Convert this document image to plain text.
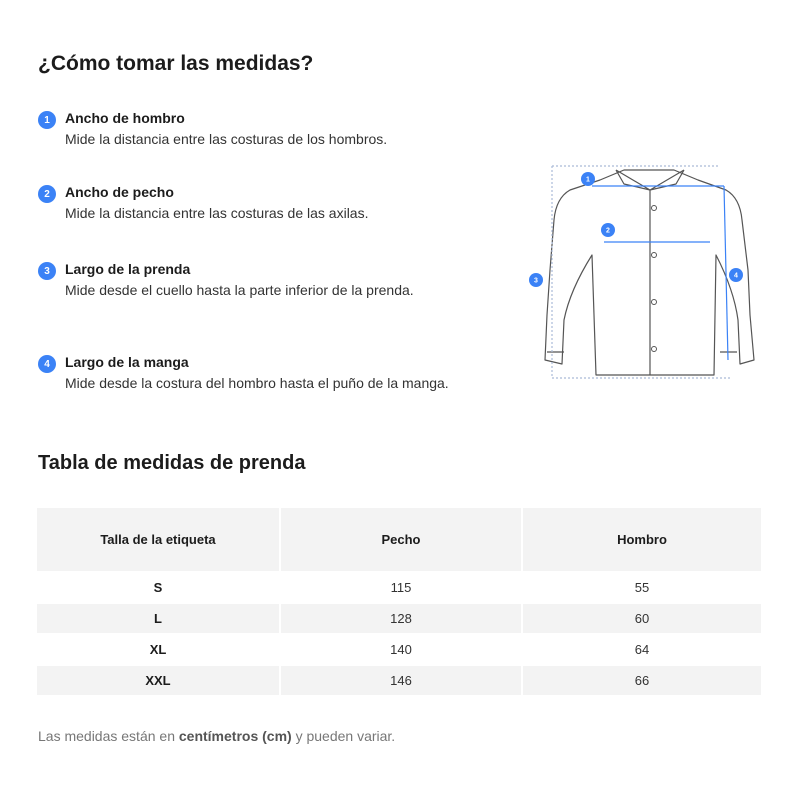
¿Cómo tomar las medidas?
1	Ancho de hombro
Mide la distancia entre las costuras de los hombros.
2	Ancho de pecho
Mide la distancia entre las costuras de las axilas.
3	Largo de la prenda
Mide desde el cuello hasta la parte inferior de la prenda.
4	Largo de la manga
Mide desde la costura del hombro hasta el puño de la manga.
1
2
3
4
Tabla de medidas de prenda
Talla de la etiqueta	Pecho	Hombro
S	115	55
L	128	60
XL	140	64
XXL	146	66
Las medidas están en centímetros (cm) y pueden variar.
